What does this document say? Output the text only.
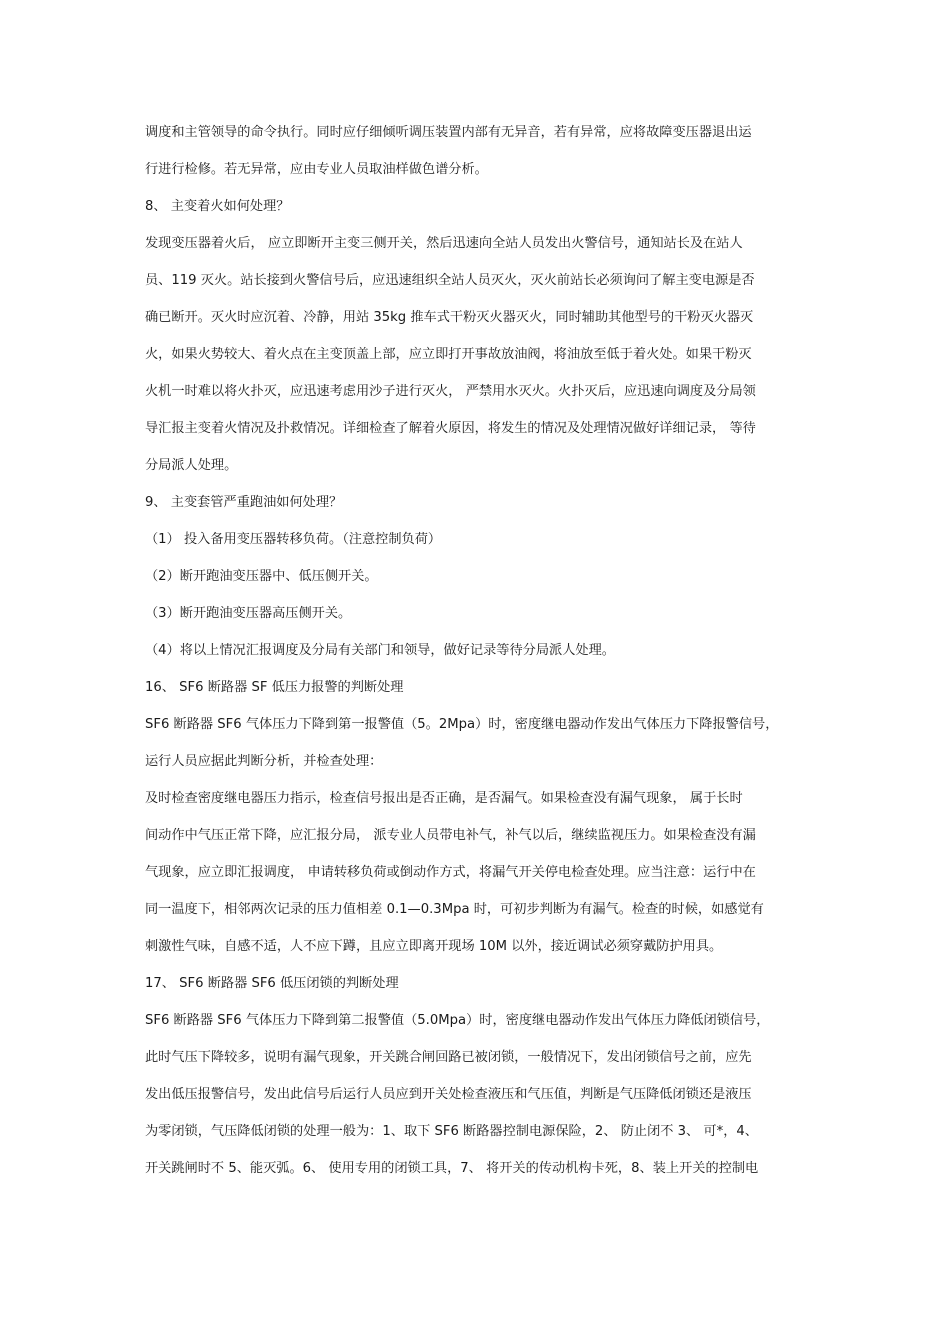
调度和主管领导的命令执行。同时应仔细倾听调压装置内部有无异音，若有异常，应将故障变压器退出运

行进行检修。若无异常，应由专业人员取油样做色谱分析。

8、 主变着火如何处理？

发现变压器着火后， 应立即断开主变三侧开关，然后迅速向全站人员发出火警信号，通知站长及在站人

员、119 灭火。站长接到火警信号后，应迅速组织全站人员灭火，灭火前站长必须询问了解主变电源是否

确已断开。灭火时应沉着、冷静，用站 35kg 推车式干粉灭火器灭火，同时辅助其他型号的干粉灭火器灭

火，如果火势较大、着火点在主变顶盖上部，应立即打开事故放油阀，将油放至低于着火处。如果干粉灭

火机一时难以将火扑灭，应迅速考虑用沙子进行灭火， 严禁用水灭火。火扑灭后，应迅速向调度及分局领

导汇报主变着火情况及扑救情况。详细检查了解着火原因，将发生的情况及处理情况做好详细记录， 等待

分局派人处理。

9、 主变套管严重跑油如何处理？

（1） 投入备用变压器转移负荷。（注意控制负荷）

（2）断开跑油变压器中、低压侧开关。

（3）断开跑油变压器高压侧开关。

（4）将以上情况汇报调度及分局有关部门和领导，做好记录等待分局派人处理。

16、 SF6 断路器 SF 低压力报警的判断处理

SF6 断路器 SF6 气体压力下降到第一报警值（5。2Mpa）时，密度继电器动作发出气体压力下降报警信号，

运行人员应据此判断分析，并检查处理：

及时检查密度继电器压力指示，检查信号报出是否正确，是否漏气。如果检查没有漏气现象， 属于长时

间动作中气压正常下降，应汇报分局， 派专业人员带电补气，补气以后，继续监视压力。如果检查没有漏

气现象，应立即汇报调度， 申请转移负荷或倒动作方式，将漏气开关停电检查处理。应当注意：运行中在

同一温度下，相邻两次记录的压力值相差 0.1—0.3Mpa 时，可初步判断为有漏气。检查的时候，如感觉有

刺激性气味，自感不适，人不应下蹲，且应立即离开现场 10M 以外，接近调试必须穿戴防护用具。

17、 SF6 断路器 SF6 低压闭锁的判断处理

SF6 断路器 SF6 气体压力下降到第二报警值（5.0Mpa）时，密度继电器动作发出气体压力降低闭锁信号，

此时气压下降较多，说明有漏气现象，开关跳合闸回路已被闭锁，一般情况下，发出闭锁信号之前，应先

发出低压报警信号，发出此信号后运行人员应到开关处检查液压和气压值，判断是气压降低闭锁还是液压

为零闭锁，气压降低闭锁的处理一般为：1、取下 SF6 断路器控制电源保险，2、 防止闭不 3、 可*，4、

开关跳闸时不 5、能灭弧。6、 使用专用的闭锁工具，7、 将开关的传动机构卡死，8、装上开关的控制电
